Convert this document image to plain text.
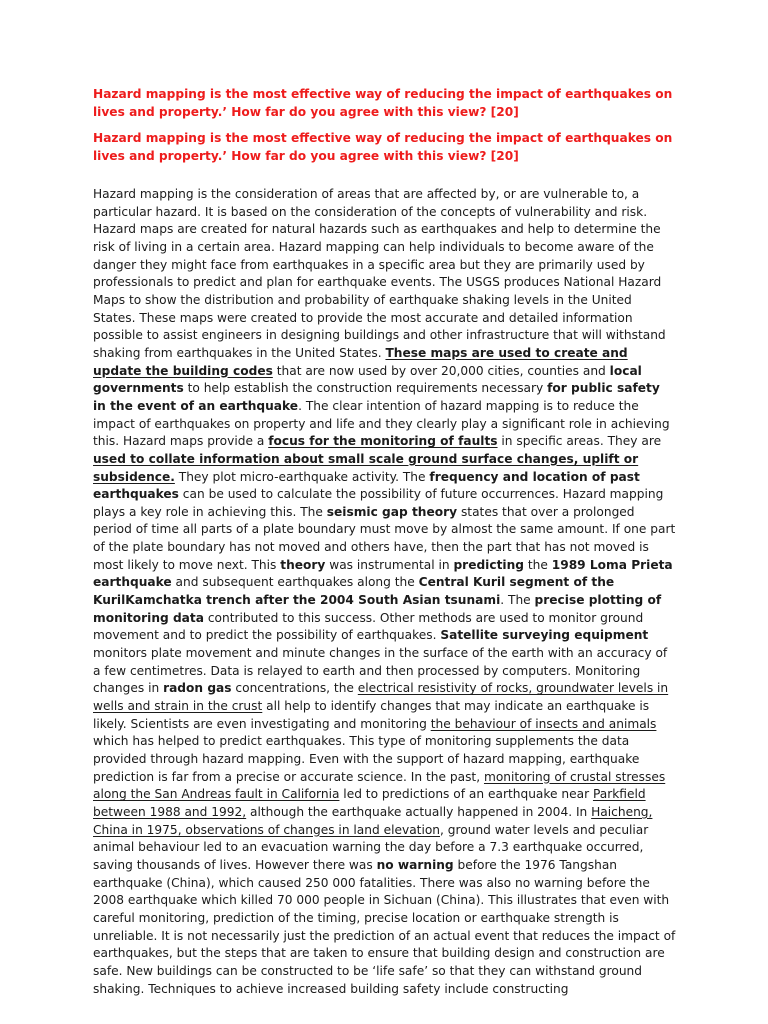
Hazard mapping is the most effective way of reducing the impact of earthquakes on lives and property.’ How far do you agree with this view? [20]

Hazard mapping is the most effective way of reducing the impact of earthquakes on lives and property.’ How far do you agree with this view? [20]

Hazard mapping is the consideration of areas that are affected by, or are vulnerable to, a particular hazard. It is based on the consideration of the concepts of vulnerability and risk. Hazard maps are created for natural hazards such as earthquakes and help to determine the risk of living in a certain area. Hazard mapping can help individuals to become aware of the danger they might face from earthquakes in a specific area but they are primarily used by professionals to predict and plan for earthquake events. The USGS produces National Hazard Maps to show the distribution and probability of earthquake shaking levels in the United States. These maps were created to provide the most accurate and detailed information possible to assist engineers in designing buildings and other infrastructure that will withstand shaking from earthquakes in the United States. These maps are used to create and update the building codes that are now used by over 20,000 cities, counties and local governments to help establish the construction requirements necessary for public safety in the event of an earthquake. The clear intention of hazard mapping is to reduce the impact of earthquakes on property and life and they clearly play a significant role in achieving this. Hazard maps provide a focus for the monitoring of faults in specific areas. They are used to collate information about small scale ground surface changes, uplift or subsidence. They plot micro-earthquake activity. The frequency and location of past earthquakes can be used to calculate the possibility of future occurrences. Hazard mapping plays a key role in achieving this. The seismic gap theory states that over a prolonged period of time all parts of a plate boundary must move by almost the same amount. If one part of the plate boundary has not moved and others have, then the part that has not moved is most likely to move next. This theory was instrumental in predicting the 1989 Loma Prieta earthquake and subsequent earthquakes along the Central Kuril segment of the KurilKamchatka trench after the 2004 South Asian tsunami. The precise plotting of monitoring data contributed to this success. Other methods are used to monitor ground movement and to predict the possibility of earthquakes. Satellite surveying equipment monitors plate movement and minute changes in the surface of the earth with an accuracy of a few centimetres. Data is relayed to earth and then processed by computers. Monitoring changes in radon gas concentrations, the electrical resistivity of rocks, groundwater levels in wells and strain in the crust all help to identify changes that may indicate an earthquake is likely. Scientists are even investigating and monitoring the behaviour of insects and animals which has helped to predict earthquakes. This type of monitoring supplements the data provided through hazard mapping. Even with the support of hazard mapping, earthquake prediction is far from a precise or accurate science. In the past, monitoring of crustal stresses along the San Andreas fault in California led to predictions of an earthquake near Parkfield between 1988 and 1992, although the earthquake actually happened in 2004. In Haicheng, China in 1975, observations of changes in land elevation, ground water levels and peculiar animal behaviour led to an evacuation warning the day before a 7.3 earthquake occurred, saving thousands of lives. However there was no warning before the 1976 Tangshan earthquake (China), which caused 250 000 fatalities. There was also no warning before the 2008 earthquake which killed 70 000 people in Sichuan (China). This illustrates that even with careful monitoring, prediction of the timing, precise location or earthquake strength is unreliable. It is not necessarily just the prediction of an actual event that reduces the impact of earthquakes, but the steps that are taken to ensure that building design and construction are safe. New buildings can be constructed to be ‘life safe’ so that they can withstand ground shaking. Techniques to achieve increased building safety include constructing
